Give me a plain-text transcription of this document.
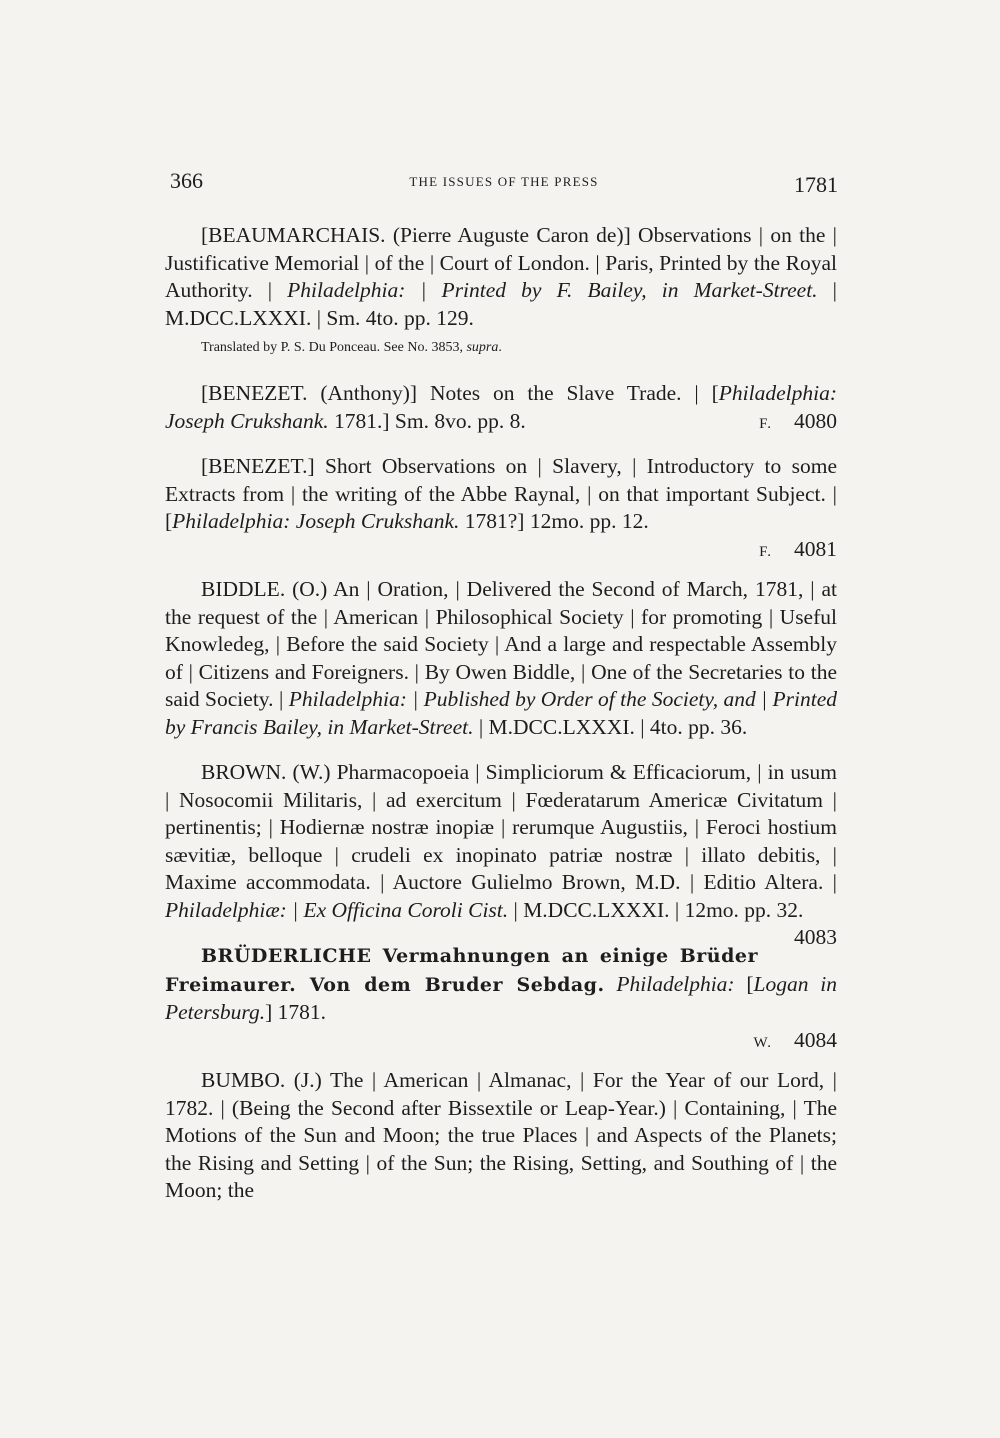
366	THE ISSUES OF THE PRESS	1781

[BEAUMARCHAIS. (Pierre Auguste Caron de)] Observations | on the | Justificative Memorial | of the | Court of London. | Paris, Printed by the Royal Authority. | Philadelphia: | Printed by F. Bailey, in Market-Street. | M.DCC.LXXXI. | Sm. 4to. pp. 129.

Translated by P. S. Du Ponceau. See No. 3853, supra.

[BENEZET. (Anthony)] Notes on the Slave Trade. | [Philadelphia: Joseph Crukshank. 1781.] Sm. 8vo. pp. 8.	F. 4080

[BENEZET.] Short Observations on | Slavery, | Introductory to some Extracts from | the writing of the Abbe Raynal, | on that important Subject. | [Philadelphia: Joseph Crukshank. 1781?] 12mo. pp. 12.
F. 4081

BIDDLE. (O.) An | Oration, | Delivered the Second of March, 1781, | at the request of the | American | Philosophical Society | for promoting | Useful Knowledeg, | Before the said Society | And a large and respectable Assembly of | Citizens and Foreigners. | By Owen Biddle, | One of the Secretaries to the said Society. | Philadelphia: | Published by Order of the Society, and | Printed by Francis Bailey, in Market-Street. | M.DCC.LXXXI. | 4to. pp. 36.

BROWN. (W.) Pharmacopoeia | Simpliciorum & Efficaciorum, | in usum | Nosocomii Militaris, | ad exercitum | Fœderatarum Americæ Civitatum | pertinentis; | Hodiernæ nostræ inopiæ | rerumque Augustiis, | Feroci hostium sævitiæ, belloque | crudeli ex inopinato patriæ nostræ | illato debitis, | Maxime accommodata. | Auctore Gulielmo Brown, M.D. | Editio Altera. | Philadelphiæ: | Ex Officina Coroli Cist. | M.DCC.LXXXI. | 12mo. pp. 32.
4083

BRÜDERLICHE Vermahnungen an einige Brüder Freimaurer. Von dem Bruder Sebdag. Philadelphia: [Logan in Petersburg.] 1781.
W. 4084

BUMBO. (J.) The | American | Almanac, | For the Year of our Lord, | 1782. | (Being the Second after Bissextile or Leap-Year.) | Containing, | The Motions of the Sun and Moon; the true Places | and Aspects of the Planets; the Rising and Setting | of the Sun; the Rising, Setting, and Southing of | the Moon; the
